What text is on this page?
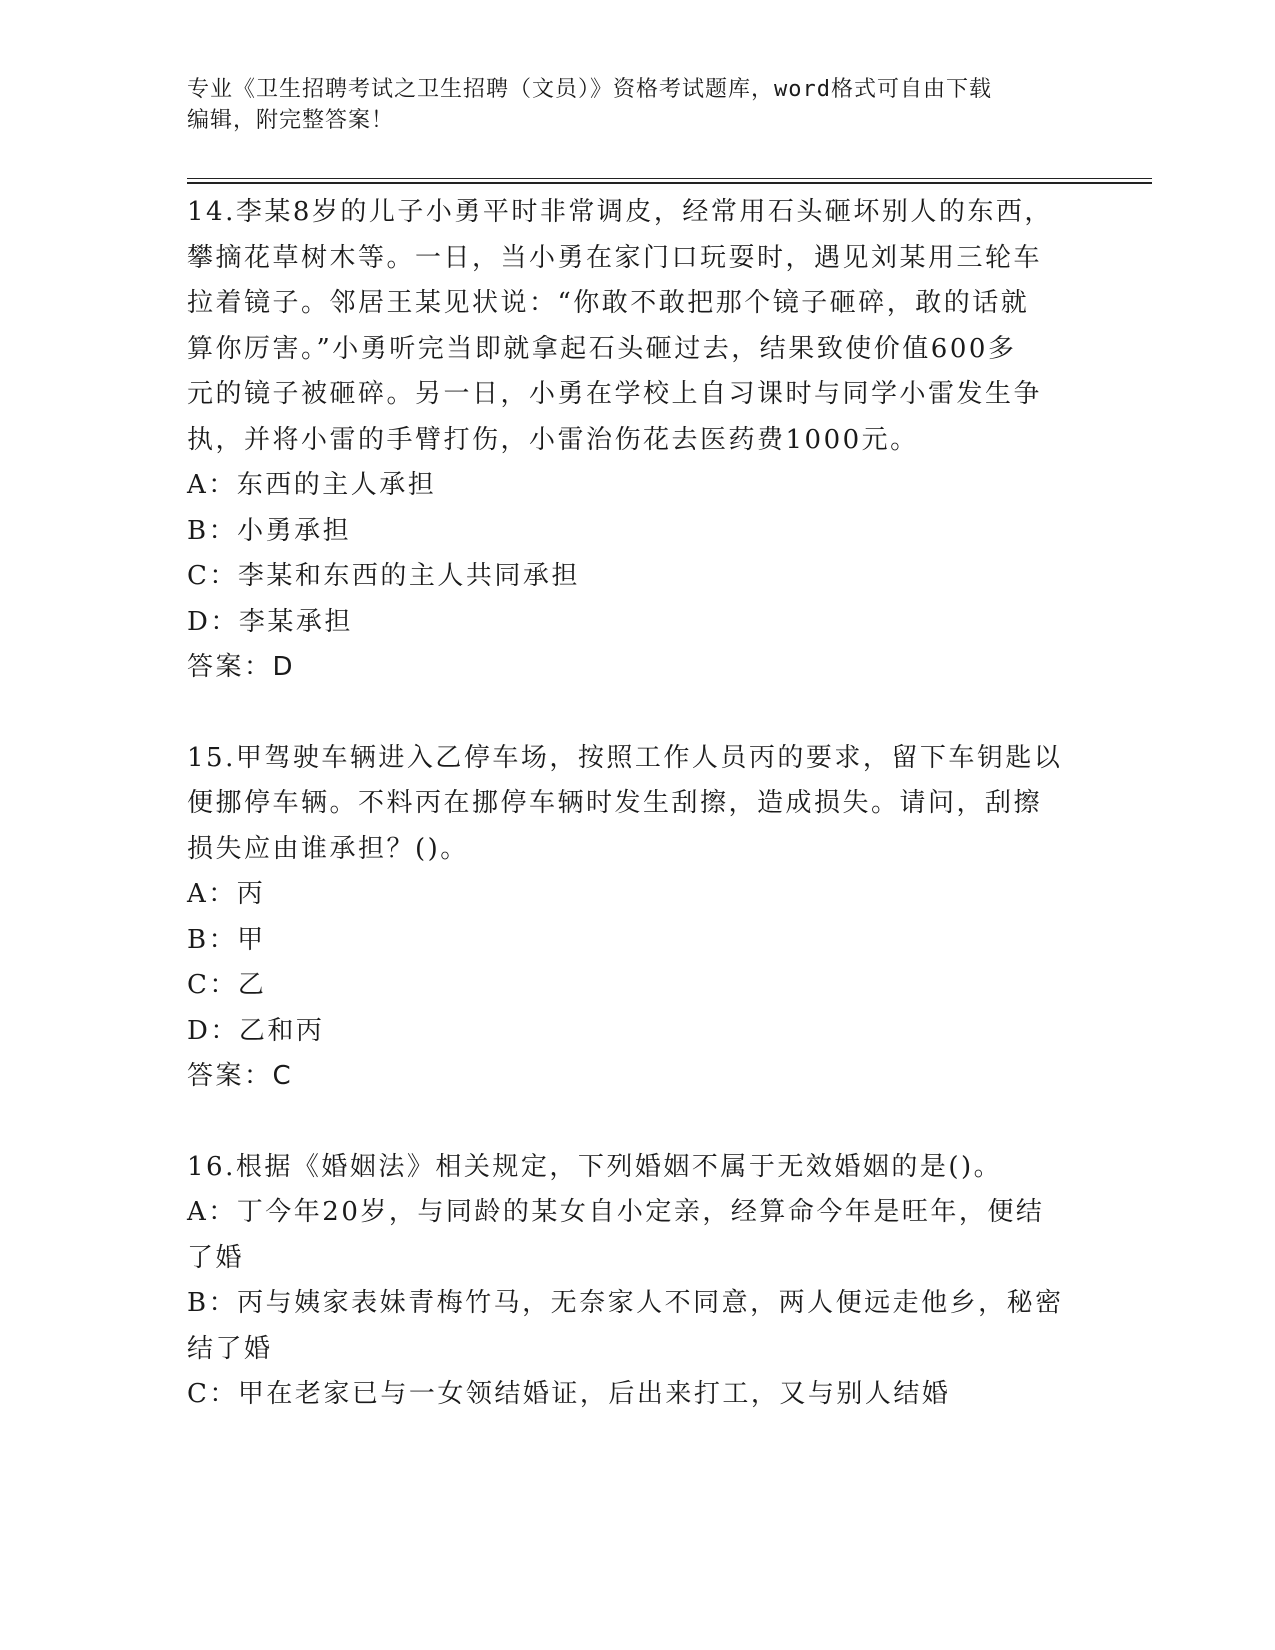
专业《卫生招聘考试之卫生招聘（文员）》资格考试题库，word格式可自由下载
编辑，附完整答案！
14.李某8岁的儿子小勇平时非常调皮，经常用石头砸坏别人的东西，
攀摘花草树木等。一日，当小勇在家门口玩耍时，遇见刘某用三轮车
拉着镜子。邻居王某见状说：“你敢不敢把那个镜子砸碎，敢的话就
算你厉害。”小勇听完当即就拿起石头砸过去，结果致使价值600多
元的镜子被砸碎。另一日，小勇在学校上自习课时与同学小雷发生争
执，并将小雷的手臂打伤，小雷治伤花去医药费1000元。
A：东西的主人承担
B：小勇承担
C：李某和东西的主人共同承担
D：李某承担
答案：D
15.甲驾驶车辆进入乙停车场，按照工作人员丙的要求，留下车钥匙以
便挪停车辆。不料丙在挪停车辆时发生刮擦，造成损失。请问，刮擦
损失应由谁承担？()。
A：丙
B：甲
C：乙
D：乙和丙
答案：C
16.根据《婚姻法》相关规定，下列婚姻不属于无效婚姻的是()。
A：丁今年20岁，与同龄的某女自小定亲，经算命今年是旺年，便结
了婚
B：丙与姨家表妹青梅竹马，无奈家人不同意，两人便远走他乡，秘密
结了婚
C：甲在老家已与一女领结婚证，后出来打工，又与别人结婚
